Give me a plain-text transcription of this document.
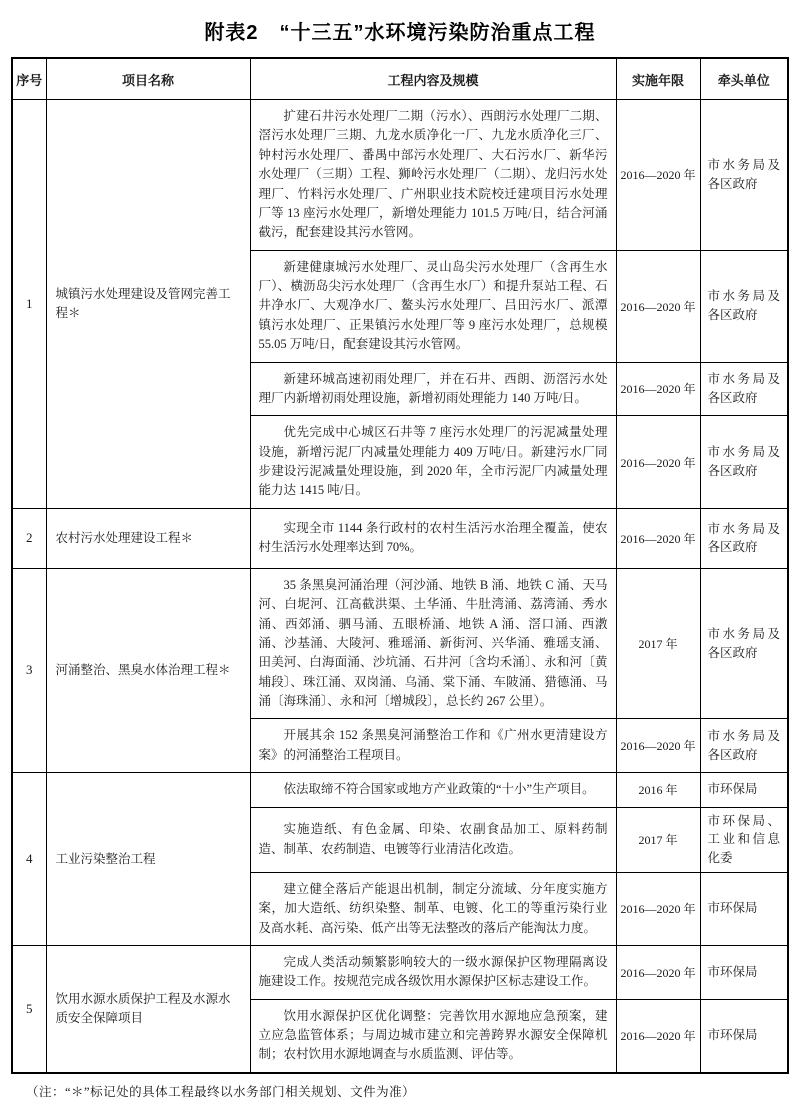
附表2　“十三五”水环境污染防治重点工程
序号	项目名称	工程内容及规模	实施年限	牵头单位
1	城镇污水处理建设及管网完善工程＊	扩建石井污水处理厂二期（污水）、西朗污水处理厂二期、滘污水处理厂三期、九龙水质净化一厂、九龙水质净化三厂、钟村污水处理厂、番禺中部污水处理厂、大石污水厂、新华污水处理厂（三期）工程、狮岭污水处理厂（二期）、龙归污水处理厂、竹料污水处理厂、广州职业技术院校迁建项目污水处理厂等 13 座污水处理厂，新增处理能力 101.5 万吨/日，结合河涌截污，配套建设其污水管网。	2016—2020 年	市水务局及各区政府

		新建健康城污水处理厂、灵山岛尖污水处理厂（含再生水厂）、横沥岛尖污水处理厂（含再生水厂）和提升泵站工程、石井净水厂、大观净水厂、鳌头污水处理厂、吕田污水厂、派潭镇污水处理厂、正果镇污水处理厂等 9 座污水处理厂，总规模 55.05 万吨/日，配套建设其污水管网。	2016—2020 年	市水务局及各区政府

		新建环城高速初雨处理厂，并在石井、西朗、沥滘污水处理厂内新增初雨处理设施，新增初雨处理能力 140 万吨/日。	2016—2020 年	市水务局及各区政府

		优先完成中心城区石井等 7 座污水处理厂的污泥减量处理设施，新增污泥厂内减量处理能力 409 万吨/日。新建污水厂同步建设污泥减量处理设施，到 2020 年，全市污泥厂内减量处理能力达 1415 吨/日。	2016—2020 年	市水务局及各区政府
2	农村污水处理建设工程＊	实现全市 1144 条行政村的农村生活污水治理全覆盖，使农村生活污水处理率达到 70%。	2016—2020 年	市水务局及各区政府
3	河涌整治、黑臭水体治理工程＊	35 条黑臭河涌治理（河沙涌、地铁 B 涌、地铁 C 涌、天马河、白坭河、江高截洪渠、土华涌、牛肚湾涌、荔湾涌、秀水涌、西郊涌、驷马涌、五眼桥涌、地铁 A 涌、滘口涌、西漖涌、沙基涌、大陵河、雅瑶涌、新街河、兴华涌、雅瑶支涌、田美河、白海面涌、沙坑涌、石井河〔含均禾涌〕、永和河〔黄埔段〕、珠江涌、双岗涌、乌涌、棠下涌、车陂涌、猎德涌、马涌〔海珠涌〕、永和河〔增城段〕，总长约 267 公里）。	2017 年	市水务局及各区政府

		开展其余 152 条黑臭河涌整治工作和《广州水更清建设方案》的河涌整治工程项目。	2016—2020 年	市水务局及各区政府
4	工业污染整治工程	依法取缔不符合国家或地方产业政策的“十小”生产项目。	2016 年	市环保局

		实施造纸、有色金属、印染、农副食品加工、原料药制造、制革、农药制造、电镀等行业清洁化改造。	2017 年	市环保局、工业和信息化委

		建立健全落后产能退出机制，制定分流域、分年度实施方案，加大造纸、纺织染整、制革、电镀、化工的等重污染行业及高水耗、高污染、低产出等无法整改的落后产能淘汰力度。	2016—2020 年	市环保局
5	饮用水源水质保护工程及水源水质安全保障项目	完成人类活动频繁影响较大的一级水源保护区物理隔离设施建设工作。按规范完成各级饮用水源保护区标志建设工作。	2016—2020 年	市环保局

		饮用水源保护区优化调整：完善饮用水源地应急预案，建立应急监管体系；与周边城市建立和完善跨界水源安全保障机制；农村饮用水源地调查与水质监测、评估等。	2016—2020 年	市环保局
（注：“＊”标记处的具体工程最终以水务部门相关规划、文件为准）
